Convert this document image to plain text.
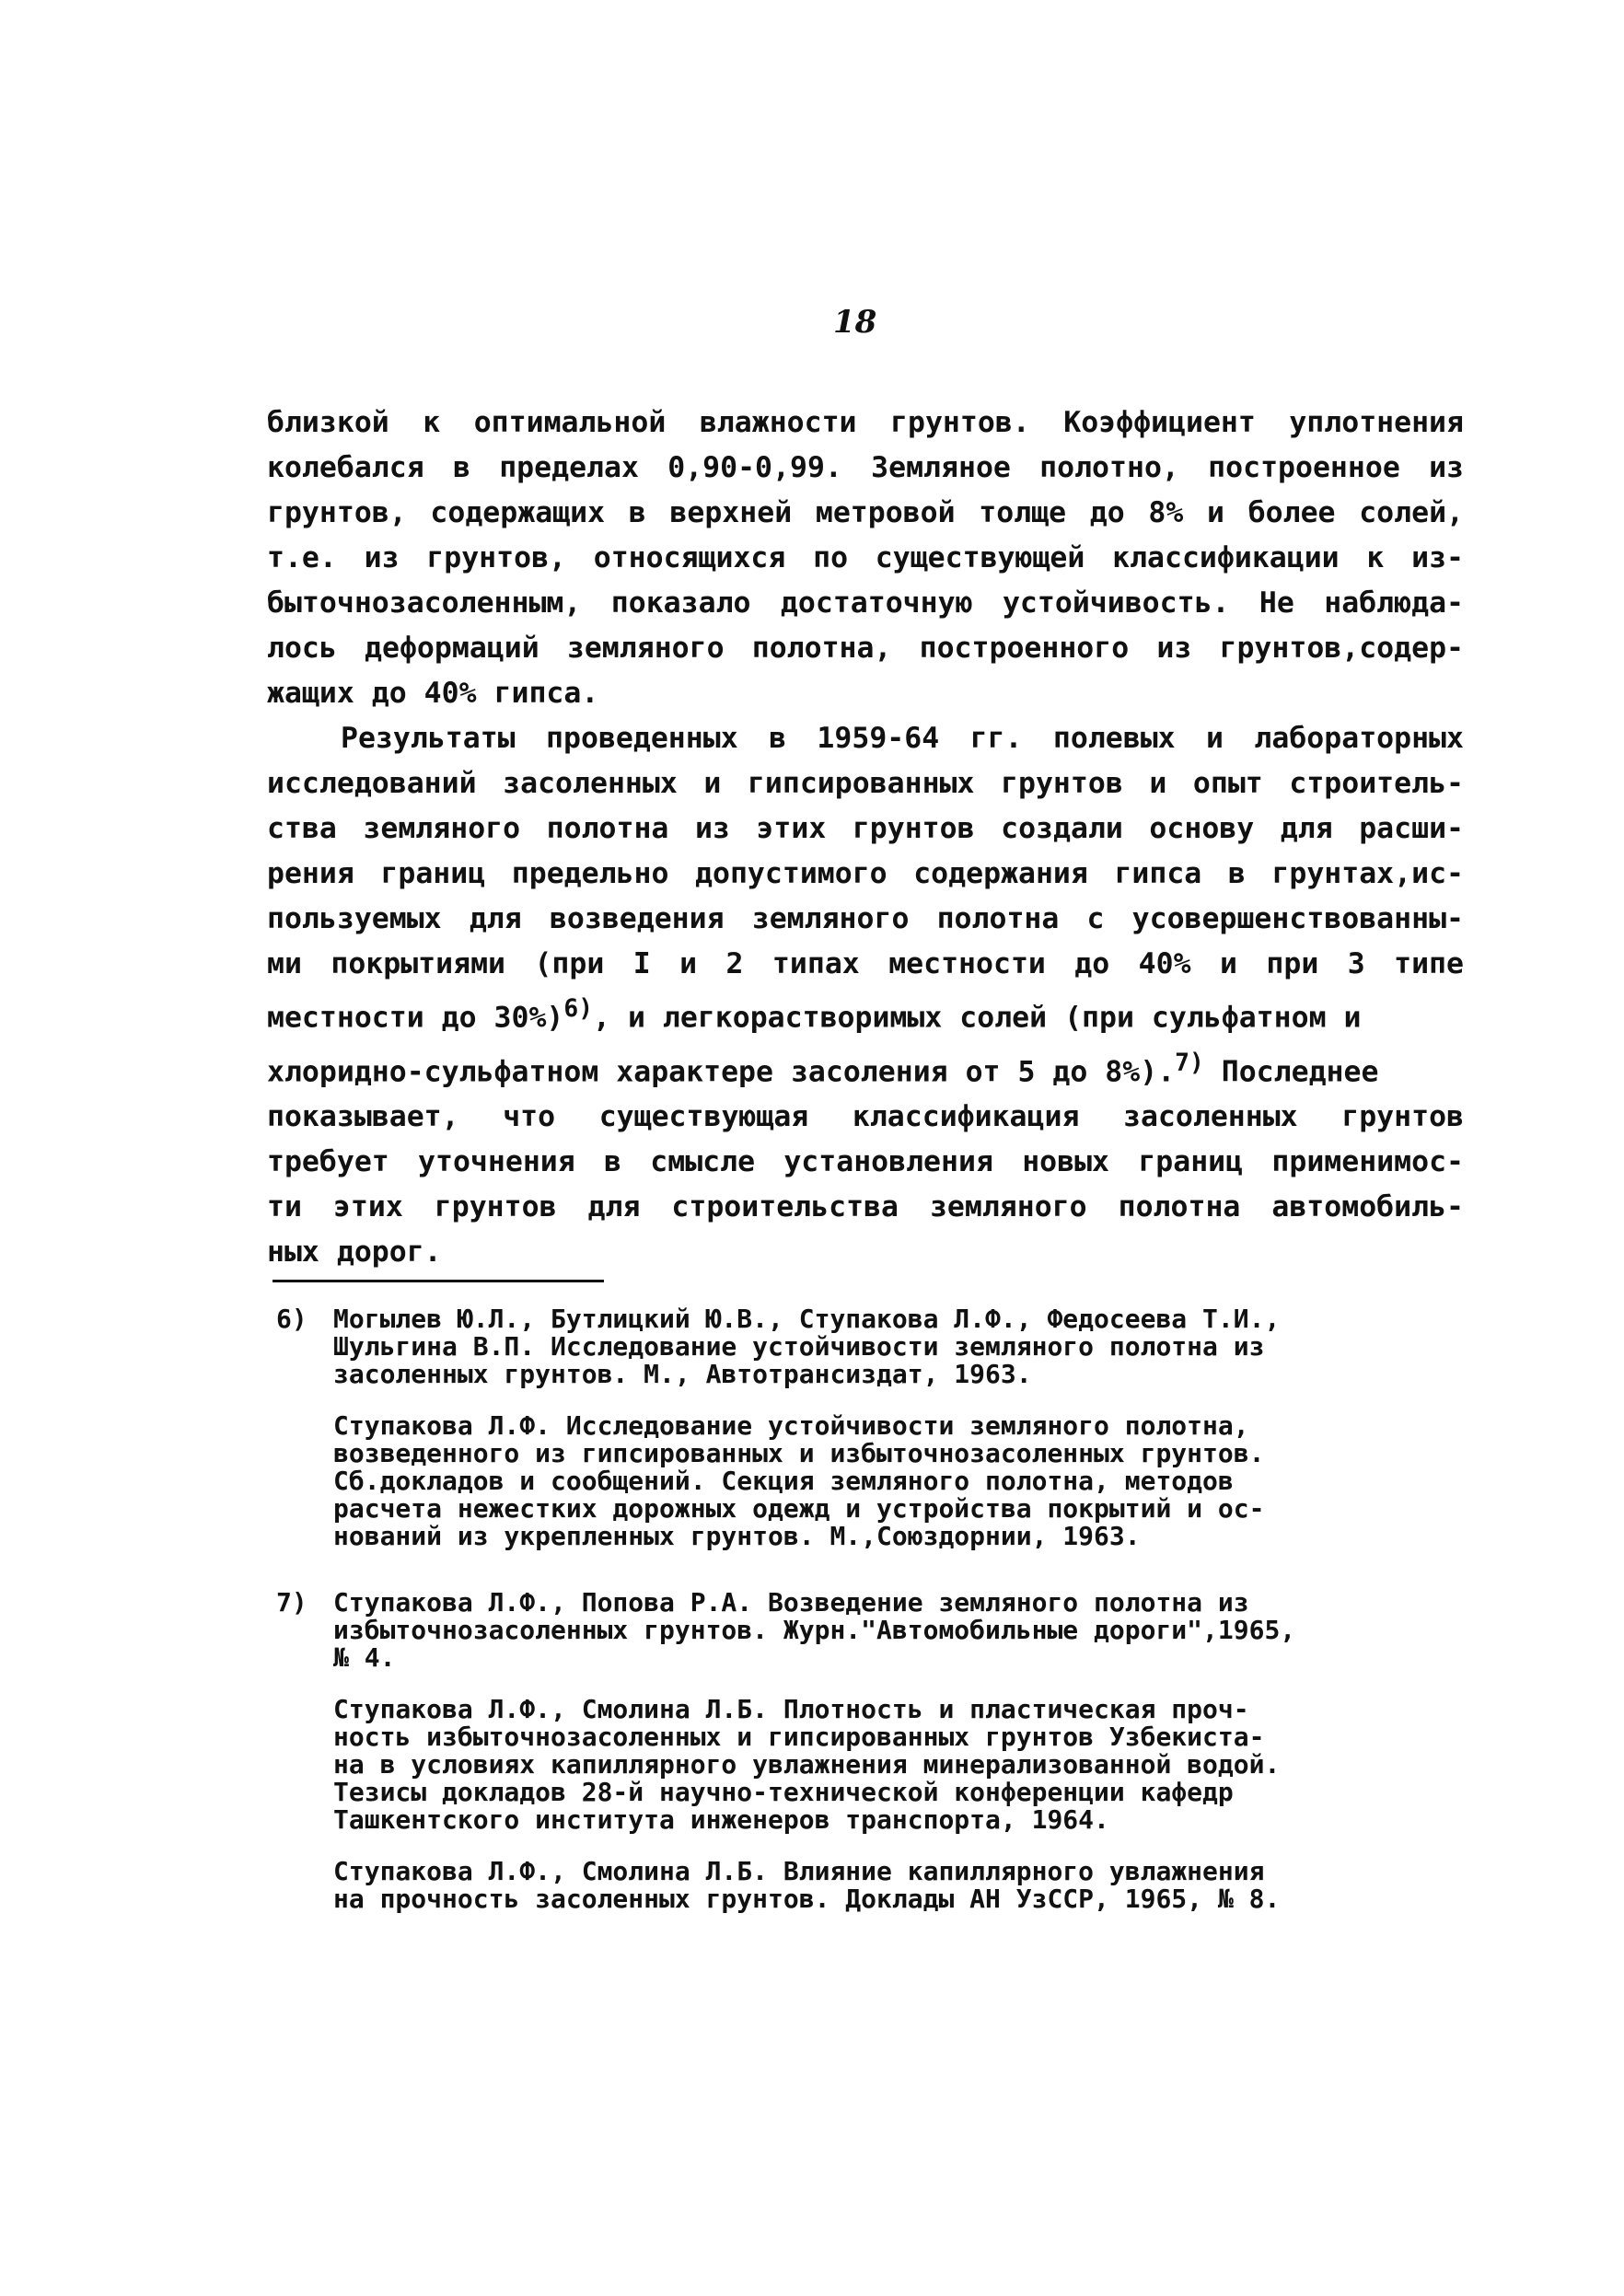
18
близкой к оптимальной влажности грунтов. Коэффициент уплотнения
колебался в пределах 0,90-0,99. Земляное полотно, построенное из
грунтов, содержащих в верхней метровой толще до 8% и более солей,
т.е. из грунтов, относящихся по существующей классификации к из-
быточнозасоленным, показало достаточную устойчивость. Не наблюда-
лось деформаций земляного полотна, построенного из грунтов,содер-
жащих до 40% гипса.
Результаты проведенных в 1959-64 гг. полевых и лабораторных
исследований засоленных и гипсированных грунтов и опыт строитель-
ства земляного полотна из этих грунтов создали основу для расши-
рения границ предельно допустимого содержания гипса в грунтах,ис-
пользуемых для возведения земляного полотна с усовершенствованны-
ми покрытиями (при I и 2 типах местности до 40% и при 3 типе
местности до 30%)$^{6)}$, и легкорастворимых солей (при сульфатном и
хлоридно-сульфатном характере засоления от 5 до 8%).$^{7)}$ Последнее
показывает, что существующая классификация засоленных грунтов
требует уточнения в смысле установления новых границ применимос-
ти этих грунтов для строительства земляного полотна автомобиль-
ных дорог.
6) Могылев Ю.Л., Бутлицкий Ю.В., Ступакова Л.Ф., Федосеева Т.И.,
Шульгина В.П. Исследование устойчивости земляного полотна из
засоленных грунтов. М., Автотрансиздат, 1963.
Ступакова Л.Ф. Исследование устойчивости земляного полотна,
возведенного из гипсированных и избыточнозасоленных грунтов.
Сб.докладов и сообщений. Секция земляного полотна, методов
расчета нежестких дорожных одежд и устройства покрытий и ос-
нований из укрепленных грунтов. М.,Союздорнии, 1963.
7) Ступакова Л.Ф., Попова Р.А. Возведение земляного полотна из
избыточнозасоленных грунтов. Журн."Автомобильные дороги",1965,
№ 4.
Ступакова Л.Ф., Смолина Л.Б. Плотность и пластическая проч-
ность избыточнозасоленных и гипсированных грунтов Узбекиста-
на в условиях капиллярного увлажнения минерализованной водой.
Тезисы докладов 28-й научно-технической конференции кафедр
Ташкентского института инженеров транспорта, 1964.
Ступакова Л.Ф., Смолина Л.Б. Влияние капиллярного увлажнения
на прочность засоленных грунтов. Доклады АН УзССР, 1965, № 8.
